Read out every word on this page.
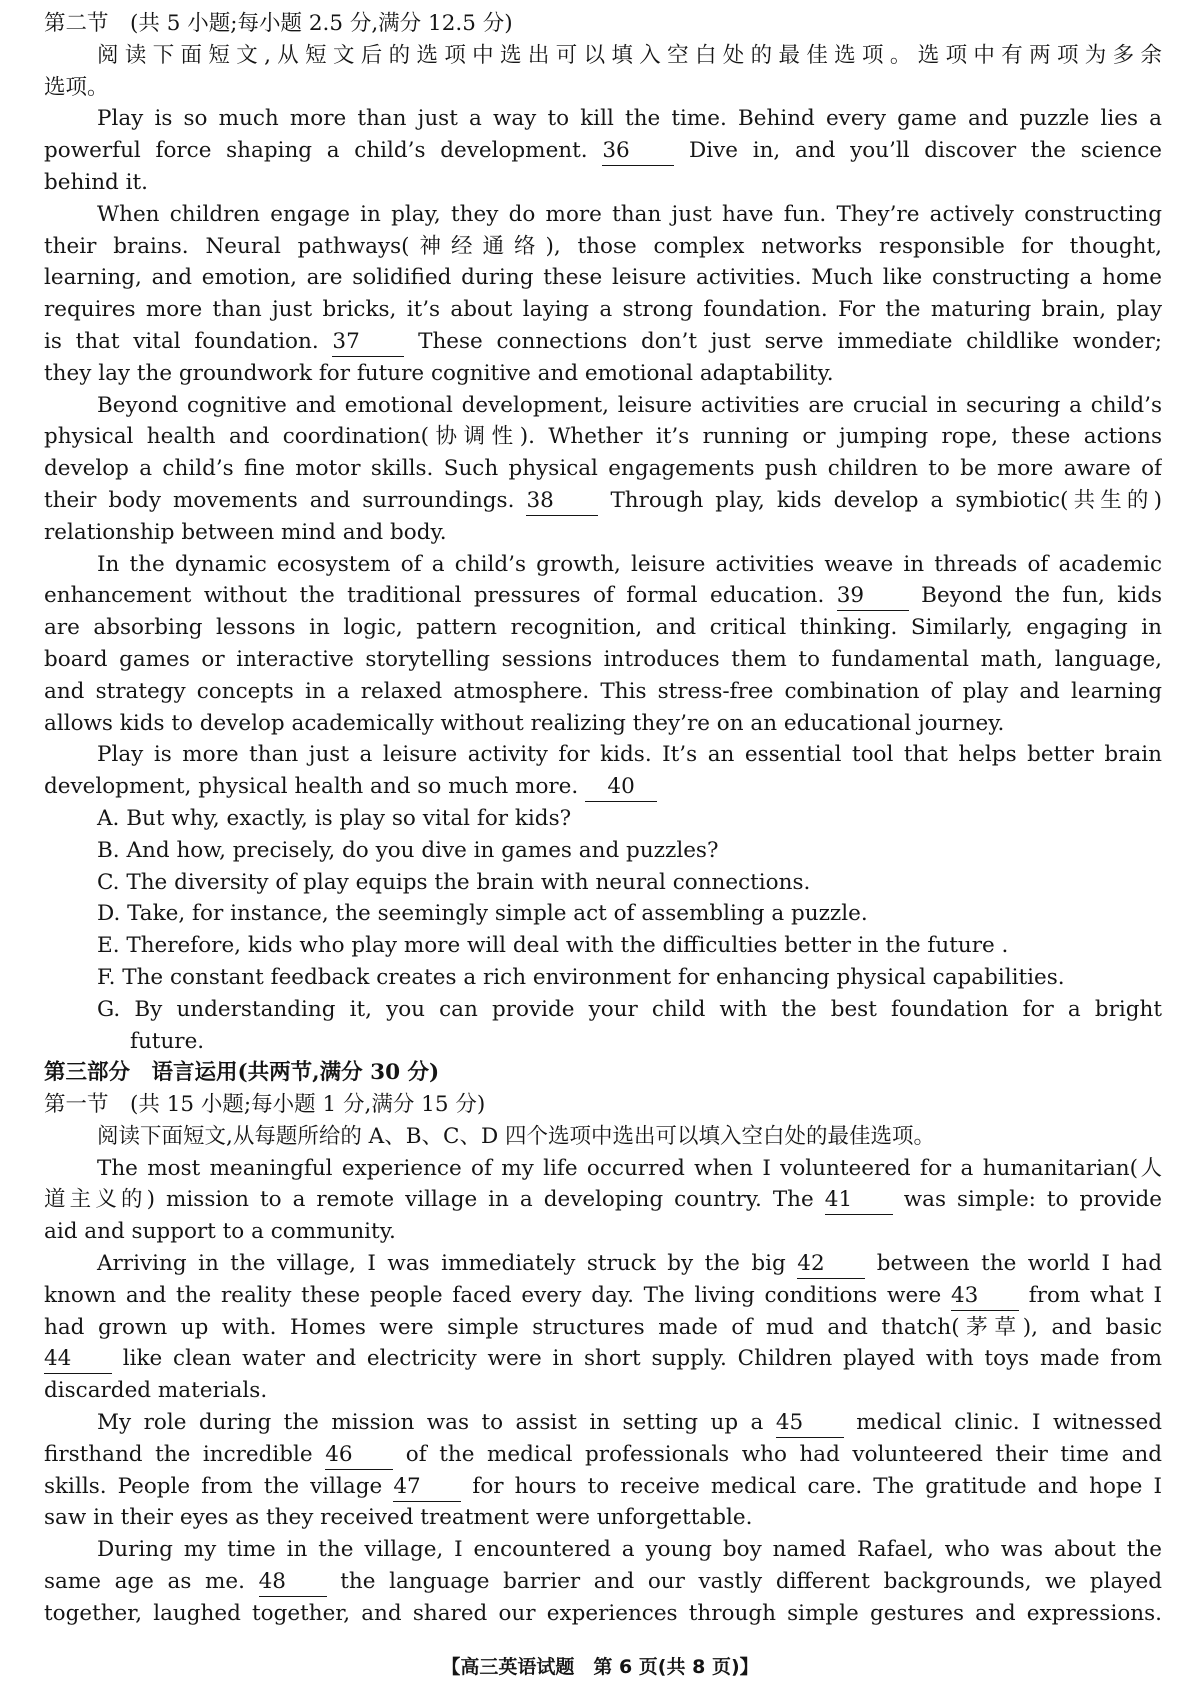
第二节　(共 5 小题;每小题 2.5 分,满分 12.5 分)
阅读下面短文,从短文后的选项中选出可以填入空白处的最佳选项。选项中有两项为多余
选项。
Play is so much more than just a way to kill the time. Behind every game and puzzle lies a
powerful force shaping a child’s development. 36	Dive in, and you’ll discover the science
behind it.
When children engage in play, they do more than just have fun. They’re actively constructing
their brains. Neural pathways(神经通络), those complex networks responsible for thought,
learning, and emotion, are solidified during these leisure activities. Much like constructing a home
requires more than just bricks, it’s about laying a strong foundation. For the maturing brain, play
is that vital foundation. 37	These connections don’t just serve immediate childlike wonder;
they lay the groundwork for future cognitive and emotional adaptability.
Beyond cognitive and emotional development, leisure activities are crucial in securing a child’s
physical health and coordination(协调性). Whether it’s running or jumping rope, these actions
develop a child’s fine motor skills. Such physical engagements push children to be more aware of
their body movements and surroundings. 38	Through play, kids develop a symbiotic(共生的)
relationship between mind and body.
In the dynamic ecosystem of a child’s growth, leisure activities weave in threads of academic
enhancement without the traditional pressures of formal education. 39	Beyond the fun, kids
are absorbing lessons in logic, pattern recognition, and critical thinking. Similarly, engaging in
board games or interactive storytelling sessions introduces them to fundamental math, language,
and strategy concepts in a relaxed atmosphere. This stress-free combination of play and learning
allows kids to develop academically without realizing they’re on an educational journey.
Play is more than just a leisure activity for kids. It’s an essential tool that helps better brain
development, physical health and so much more. 40
A. But why, exactly, is play so vital for kids?
B. And how, precisely, do you dive in games and puzzles?
C. The diversity of play equips the brain with neural connections.
D. Take, for instance, the seemingly simple act of assembling a puzzle.
E. Therefore, kids who play more will deal with the difficulties better in the future .
F. The constant feedback creates a rich environment for enhancing physical capabilities.
G. By understanding it, you can provide your child with the best foundation for a bright
future.
第三部分　语言运用(共两节,满分 30 分)
第一节　(共 15 小题;每小题 1 分,满分 15 分)
阅读下面短文,从每题所给的 A、B、C、D 四个选项中选出可以填入空白处的最佳选项。
The most meaningful experience of my life occurred when I volunteered for a humanitarian(人
道主义的) mission to a remote village in a developing country. The 41 was simple: to provide
aid and support to a community.
Arriving in the village, I was immediately struck by the big 42 between the world I had
known and the reality these people faced every day. The living conditions were 43 from what I
had grown up with. Homes were simple structures made of mud and thatch(茅草), and basic
44 like clean water and electricity were in short supply. Children played with toys made from
discarded materials.
My role during the mission was to assist in setting up a 45 medical clinic. I witnessed
firsthand the incredible 46 of the medical professionals who had volunteered their time and
skills. People from the village 47 for hours to receive medical care. The gratitude and hope I
saw in their eyes as they received treatment were unforgettable.
During my time in the village, I encountered a young boy named Rafael, who was about the
same age as me. 48	the language barrier and our vastly different backgrounds, we played
together, laughed together, and shared our experiences through simple gestures and expressions.
【高三英语试题　第 6 页(共 8 页)】
